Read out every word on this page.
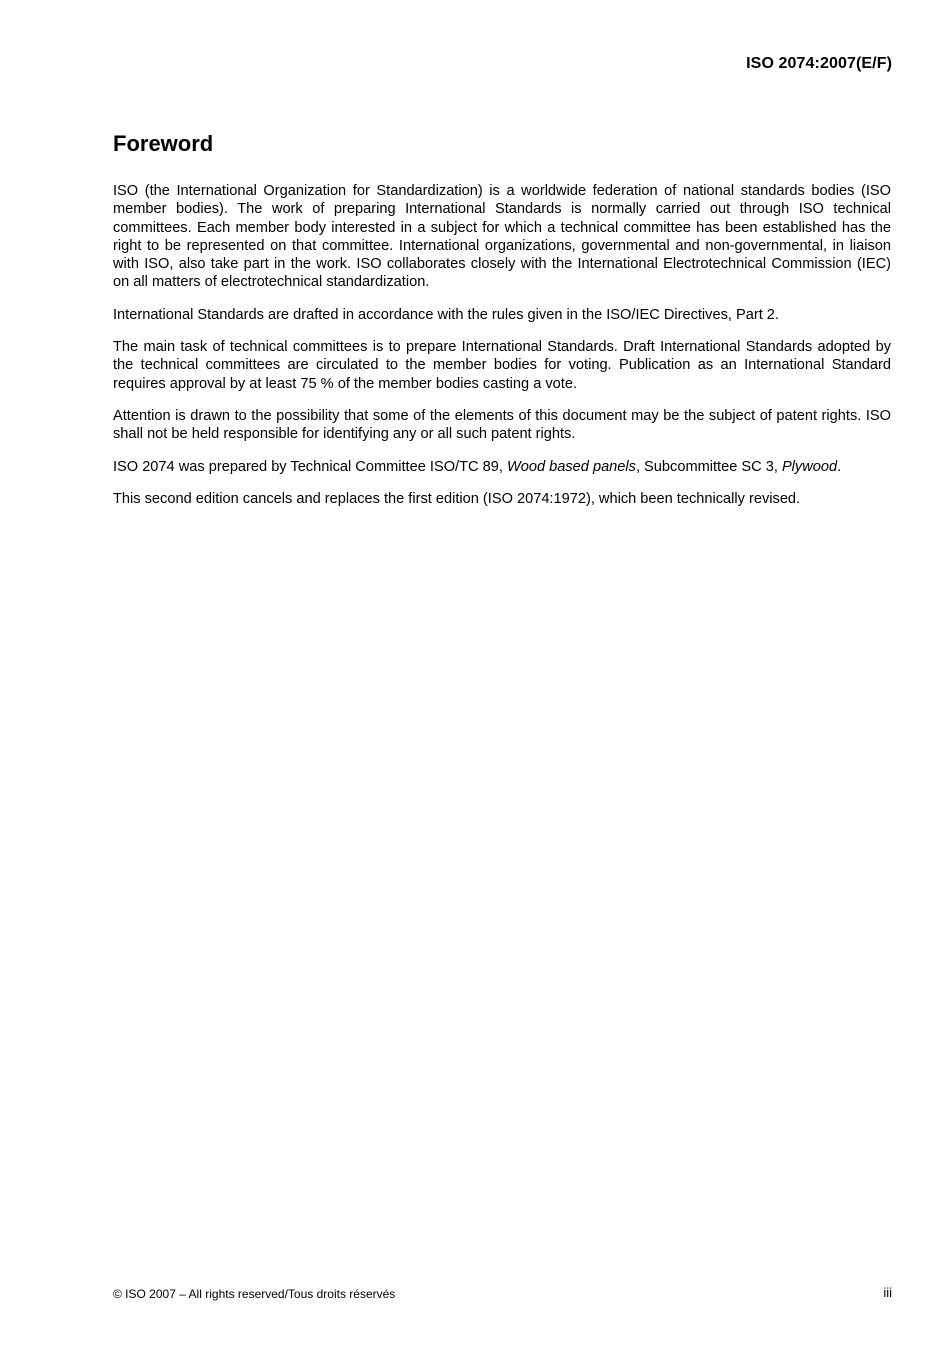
ISO 2074:2007(E/F)
Foreword

ISO (the International Organization for Standardization) is a worldwide federation of national standards bodies (ISO member bodies). The work of preparing International Standards is normally carried out through ISO technical committees. Each member body interested in a subject for which a technical committee has been established has the right to be represented on that committee. International organizations, governmental and non-governmental, in liaison with ISO, also take part in the work. ISO collaborates closely with the International Electrotechnical Commission (IEC) on all matters of electrotechnical standardization.

International Standards are drafted in accordance with the rules given in the ISO/IEC Directives, Part 2.

The main task of technical committees is to prepare International Standards. Draft International Standards adopted by the technical committees are circulated to the member bodies for voting. Publication as an International Standard requires approval by at least 75 % of the member bodies casting a vote.

Attention is drawn to the possibility that some of the elements of this document may be the subject of patent rights. ISO shall not be held responsible for identifying any or all such patent rights.

ISO 2074 was prepared by Technical Committee ISO/TC 89, Wood based panels, Subcommittee SC 3, Plywood.

This second edition cancels and replaces the first edition (ISO 2074:1972), which been technically revised.

© ISO 2007 – All rights reserved/Tous droits réservés	iii
